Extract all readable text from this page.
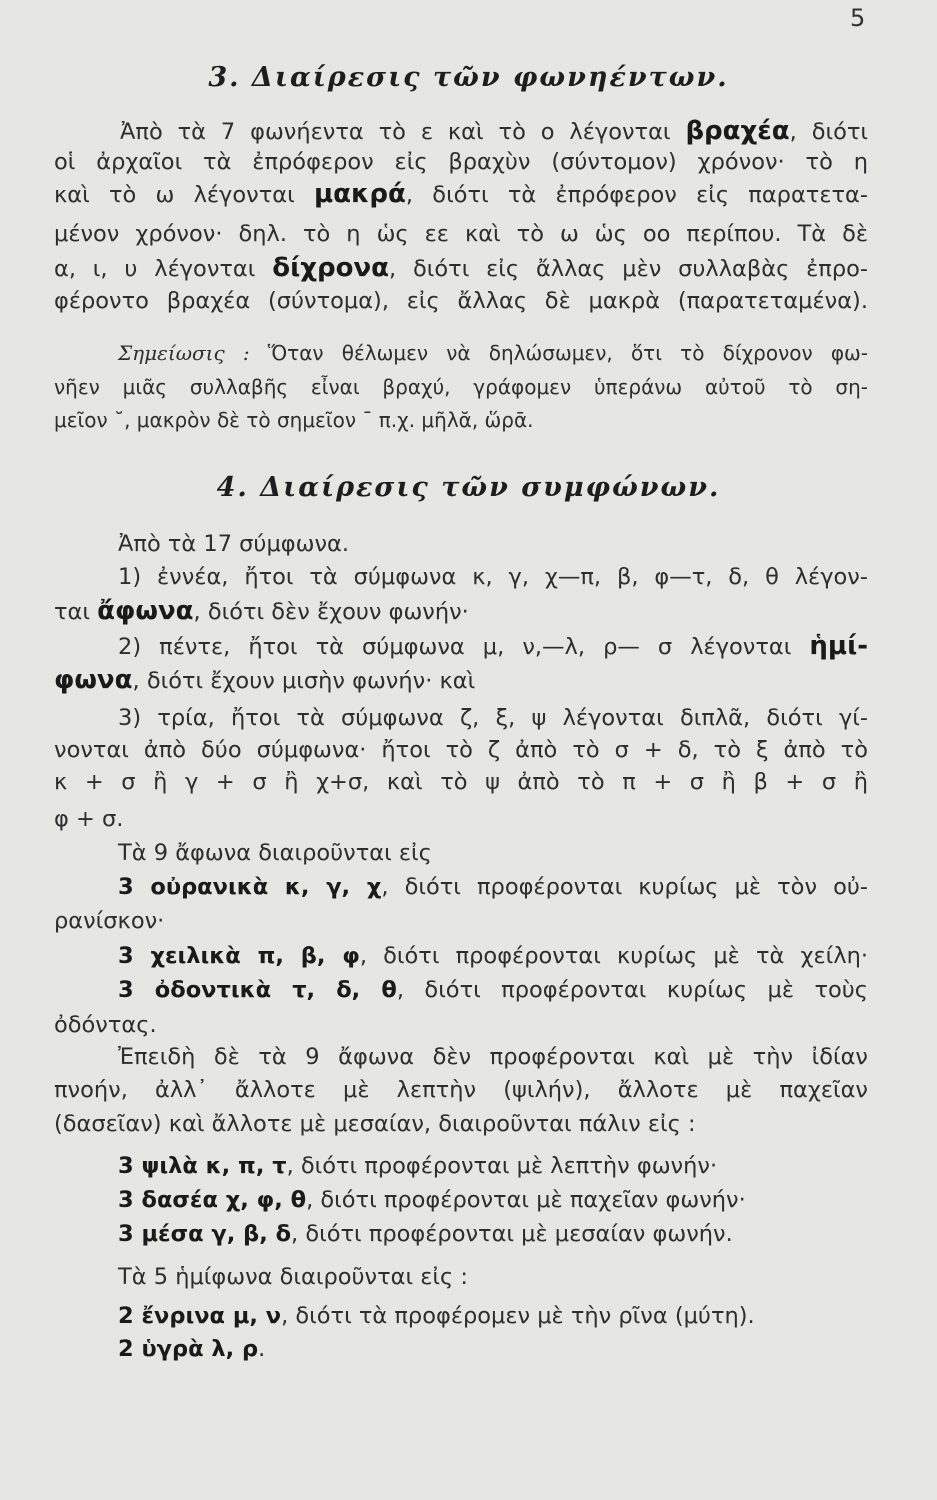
5
3. Διαίρεσις τῶν φωνηέντων.
Ἀπὸ τὰ 7 φωνήεντα τὸ ε καὶ τὸ ο λέγονται βραχέα, διότι
οἱ ἀρχαῖοι τὰ ἐπρόφερον εἰς βραχὺν (σύντομον) χρόνον· τὸ η
καὶ τὸ ω λέγονται μακρά, διότι τὰ ἐπρόφερον εἰς παρατετα-
μένον χρόνον· δηλ. τὸ η ὡς εε καὶ τὸ ω ὡς οο περίπου. Τὰ δὲ
α, ι, υ λέγονται δίχρονα, διότι εἰς ἄλλας μὲν συλλαβὰς ἐπρο-
φέροντο βραχέα (σύντομα), εἰς ἄλλας δὲ μακρὰ (παρατεταμένα).
Σημείωσις : Ὅταν θέλωμεν νὰ δηλώσωμεν, ὅτι τὸ δίχρονον φω-
νῆεν μιᾶς συλλαβῆς εἶναι βραχύ, γράφομεν ὑπεράνω αὐτοῦ τὸ ση-
μεῖον ˘, μακρὸν δὲ τὸ σημεῖον ¯ π.χ. μῆλᾰ, ὥρᾱ.
4. Διαίρεσις τῶν συμφώνων.
Ἀπὸ τὰ 17 σύμφωνα.
1) ἐννέα, ἤτοι τὰ σύμφωνα κ, γ, χ—π, β, φ—τ, δ, θ λέγον-
ται ἄφωνα, διότι δὲν ἔχουν φωνήν·
2) πέντε, ἤτοι τὰ σύμφωνα μ, ν,—λ, ρ— σ λέγονται ἡμί-
φωνα, διότι ἔχουν μισὴν φωνήν· καὶ
3) τρία, ἤτοι τὰ σύμφωνα ζ, ξ, ψ λέγονται διπλᾶ, διότι γί-
νονται ἀπὸ δύο σύμφωνα· ἤτοι τὸ ζ ἀπὸ τὸ σ + δ, τὸ ξ ἀπὸ τὸ
κ + σ ἢ γ + σ ἢ χ+σ, καὶ τὸ ψ ἀπὸ τὸ π + σ ἢ β + σ ἢ
φ + σ.
Τὰ 9 ἄφωνα διαιροῦνται εἰς
3 οὐρανικὰ κ, γ, χ, διότι προφέρονται κυρίως μὲ τὸν οὐ-
ρανίσκον·
3 χειλικὰ π, β, φ, διότι προφέρονται κυρίως μὲ τὰ χείλη·
3 ὀδοντικὰ τ, δ, θ, διότι προφέρονται κυρίως μὲ τοὺς
ὀδόντας.
Ἐπειδὴ δὲ τὰ 9 ἄφωνα δὲν προφέρονται καὶ μὲ τὴν ἰδίαν
πνοήν, ἀλλ᾽ ἄλλοτε μὲ λεπτὴν (ψιλήν), ἄλλοτε μὲ παχεῖαν
(δασεῖαν) καὶ ἄλλοτε μὲ μεσαίαν, διαιροῦνται πάλιν εἰς :
3 ψιλὰ κ, π, τ, διότι προφέρονται μὲ λεπτὴν φωνήν·
3 δασέα χ, φ, θ, διότι προφέρονται μὲ παχεῖαν φωνήν·
3 μέσα γ, β, δ, διότι προφέρονται μὲ μεσαίαν φωνήν.
Τὰ 5 ἡμίφωνα διαιροῦνται εἰς :
2 ἔνρινα μ, ν, διότι τὰ προφέρομεν μὲ τὴν ρῖνα (μύτη).
2 ὑγρὰ λ, ρ.
